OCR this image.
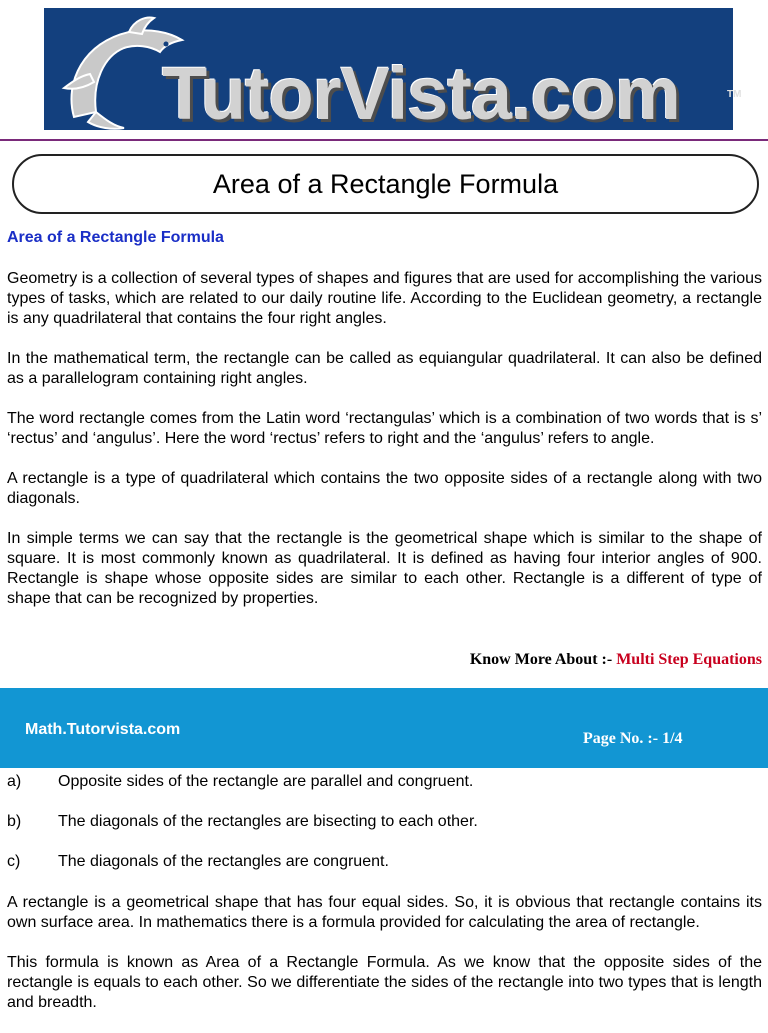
TutorVista.com	TM
Area of a Rectangle Formula
Area of a Rectangle Formula

Geometry is a collection of several types of shapes and figures that are used for accomplishing the various types of tasks, which are related to our daily routine life. According to the Euclidean geometry, a rectangle is any quadrilateral that contains the four right angles.

In the mathematical term, the rectangle can be called as equiangular quadrilateral. It can also be defined as a parallelogram containing right angles.

The word rectangle comes from the Latin word ‘rectangulas’ which is a combination of two words that is s’ ‘rectus’ and ‘angulus’. Here the word ‘rectus’ refers to right and the ‘angulus’ refers to angle.

A rectangle is a type of quadrilateral which contains the two opposite sides of a rectangle along with two diagonals.

In simple terms we can say that the rectangle is the geometrical shape which is similar to the shape of square. It is most commonly known as quadrilateral. It is defined as having four interior angles of 900. Rectangle is shape whose opposite sides are similar to each other. Rectangle is a different of type of shape that can be recognized by properties.

Know More About :- Multi Step Equations
Math.Tutorvista.com
Page No. :- 1/4
a)	Opposite sides of the rectangle are parallel and congruent.
b)	The diagonals of the rectangles are bisecting to each other.
c)	The diagonals of the rectangles are congruent.

A rectangle is a geometrical shape that has four equal sides. So, it is obvious that rectangle contains its own surface area. In mathematics there is a formula provided for calculating the area of rectangle.

This formula is known as Area of a Rectangle Formula. As we know that the opposite sides of the rectangle is equals to each other. So we differentiate the sides of the rectangle into two types that is length and breadth.
